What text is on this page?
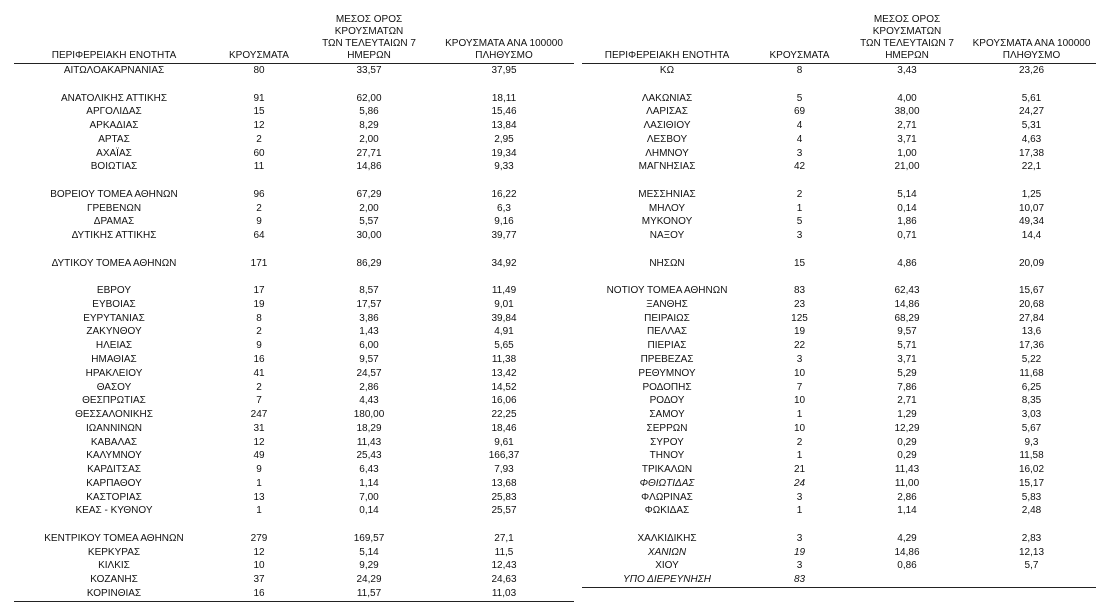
ΠΕΡΙΦΕΡΕΙΑΚΗ ΕΝΟΤΗΤΑ	ΚΡΟΥΣΜΑΤΑ	ΜΕΣΟΣ ΟΡΟΣ ΚΡΟΥΣΜΑΤΩΝ
ΤΩΝ ΤΕΛΕΥΤΑΙΩΝ 7 ΗΜΕΡΩΝ	ΚΡΟΥΣΜΑΤΑ ΑΝΑ 100000
ΠΛΗΘΥΣΜΟ
ΑΙΤΩΛΟΑΚΑΡΝΑΝΙΑΣ	80	33,57	37,95

ΑΝΑΤΟΛΙΚΗΣ ΑΤΤΙΚΗΣ	91	62,00	18,11
ΑΡΓΟΛΙΔΑΣ	15	5,86	15,46
ΑΡΚΑΔΙΑΣ	12	8,29	13,84
ΑΡΤΑΣ	2	2,00	2,95
ΑΧΑΪΑΣ	60	27,71	19,34
ΒΟΙΩΤΙΑΣ	11	14,86	9,33

ΒΟΡΕΙΟΥ ΤΟΜΕΑ ΑΘΗΝΩΝ	96	67,29	16,22
ΓΡΕΒΕΝΩΝ	2	2,00	6,3
ΔΡΑΜΑΣ	9	5,57	9,16
ΔΥΤΙΚΗΣ ΑΤΤΙΚΗΣ	64	30,00	39,77

ΔΥΤΙΚΟΥ ΤΟΜΕΑ ΑΘΗΝΩΝ	171	86,29	34,92

ΕΒΡΟΥ	17	8,57	11,49
ΕΥΒΟΙΑΣ	19	17,57	9,01
ΕΥΡΥΤΑΝΙΑΣ	8	3,86	39,84
ΖΑΚΥΝΘΟΥ	2	1,43	4,91
ΗΛΕΙΑΣ	9	6,00	5,65
ΗΜΑΘΙΑΣ	16	9,57	11,38
ΗΡΑΚΛΕΙΟΥ	41	24,57	13,42
ΘΑΣΟΥ	2	2,86	14,52
ΘΕΣΠΡΩΤΙΑΣ	7	4,43	16,06
ΘΕΣΣΑΛΟΝΙΚΗΣ	247	180,00	22,25
ΙΩΑΝΝΙΝΩΝ	31	18,29	18,46
ΚΑΒΑΛΑΣ	12	11,43	9,61
ΚΑΛΥΜΝΟΥ	49	25,43	166,37
ΚΑΡΔΙΤΣΑΣ	9	6,43	7,93
ΚΑΡΠΑΘΟΥ	1	1,14	13,68
ΚΑΣΤΟΡΙΑΣ	13	7,00	25,83
ΚΕΑΣ - ΚΥΘΝΟΥ	1	0,14	25,57

ΚΕΝΤΡΙΚΟΥ ΤΟΜΕΑ ΑΘΗΝΩΝ	279	169,57	27,1
ΚΕΡΚΥΡΑΣ	12	5,14	11,5
ΚΙΛΚΙΣ	10	9,29	12,43
ΚΟΖΑΝΗΣ	37	24,29	24,63
ΚΟΡΙΝΘΙΑΣ	16	11,57	11,03
ΠΕΡΙΦΕΡΕΙΑΚΗ ΕΝΟΤΗΤΑ	ΚΡΟΥΣΜΑΤΑ	ΜΕΣΟΣ ΟΡΟΣ ΚΡΟΥΣΜΑΤΩΝ
ΤΩΝ ΤΕΛΕΥΤΑΙΩΝ 7 ΗΜΕΡΩΝ	ΚΡΟΥΣΜΑΤΑ ΑΝΑ 100000
ΠΛΗΘΥΣΜΟ
ΚΩ	8	3,43	23,26

ΛΑΚΩΝΙΑΣ	5	4,00	5,61
ΛΑΡΙΣΑΣ	69	38,00	24,27
ΛΑΣΙΘΙΟΥ	4	2,71	5,31
ΛΕΣΒΟΥ	4	3,71	4,63
ΛΗΜΝΟΥ	3	1,00	17,38
ΜΑΓΝΗΣΙΑΣ	42	21,00	22,1

ΜΕΣΣΗΝΙΑΣ	2	5,14	1,25
ΜΗΛΟΥ	1	0,14	10,07
ΜΥΚΟΝΟΥ	5	1,86	49,34
ΝΑΞΟΥ	3	0,71	14,4

ΝΗΣΩΝ	15	4,86	20,09

ΝΟΤΙΟΥ ΤΟΜΕΑ ΑΘΗΝΩΝ	83	62,43	15,67
ΞΑΝΘΗΣ	23	14,86	20,68
ΠΕΙΡΑΙΩΣ	125	68,29	27,84
ΠΕΛΛΑΣ	19	9,57	13,6
ΠΙΕΡΙΑΣ	22	5,71	17,36
ΠΡΕΒΕΖΑΣ	3	3,71	5,22
ΡΕΘΥΜΝΟΥ	10	5,29	11,68
ΡΟΔΟΠΗΣ	7	7,86	6,25
ΡΟΔΟΥ	10	2,71	8,35
ΣΑΜΟΥ	1	1,29	3,03
ΣΕΡΡΩΝ	10	12,29	5,67
ΣΥΡΟΥ	2	0,29	9,3
ΤΗΝΟΥ	1	0,29	11,58
ΤΡΙΚΑΛΩΝ	21	11,43	16,02
ΦΘΙΩΤΙΔΑΣ	24	11,00	15,17
ΦΛΩΡΙΝΑΣ	3	2,86	5,83
ΦΩΚΙΔΑΣ	1	1,14	2,48

ΧΑΛΚΙΔΙΚΗΣ	3	4,29	2,83
ΧΑΝΙΩΝ	19	14,86	12,13
ΧΙΟΥ	3	0,86	5,7
ΥΠΟ ΔΙΕΡΕΥΝΗΣΗ	83		
